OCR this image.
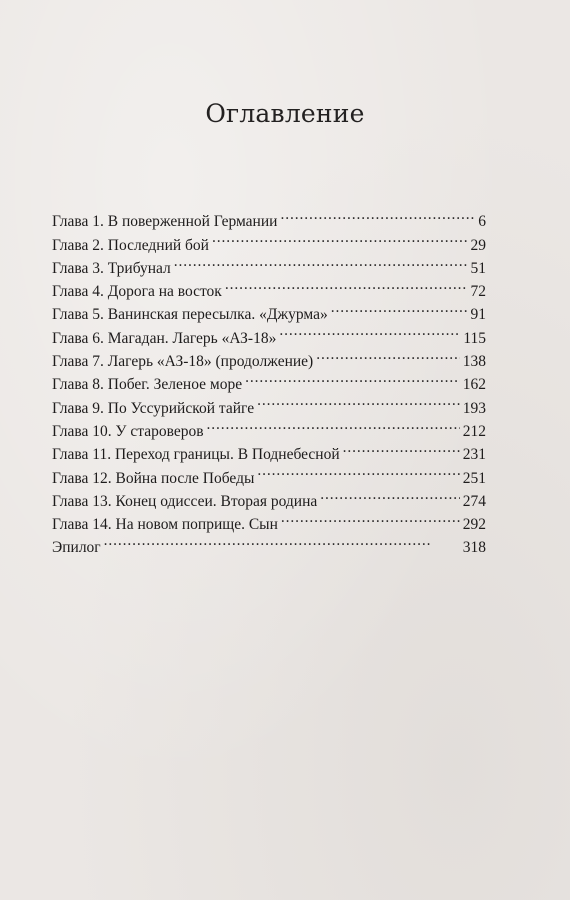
Оглавление
Глава 1. В поверженной Германии . . .	6
Глава 2. Последний бой . . .	29
Глава 3. Трибунал . . .	51
Глава 4. Дорога на восток . . .	72
Глава 5. Ванинская пересылка. «Джурма» . . .	91
Глава 6. Магадан. Лагерь «АЗ-18» . . .	115
Глава 7. Лагерь «АЗ-18» (продолжение) . . .	138
Глава 8. Побег. Зеленое море . . .	162
Глава 9. По Уссурийской тайге . . .	193
Глава 10. У староверов . . .	212
Глава 11. Переход границы. В Поднебесной . . .	231
Глава 12. Война после Победы . . .	251
Глава 13. Конец одиссеи. Вторая родина . . .	274
Глава 14. На новом поприще. Сын . . .	292
Эпилог . . .	318
